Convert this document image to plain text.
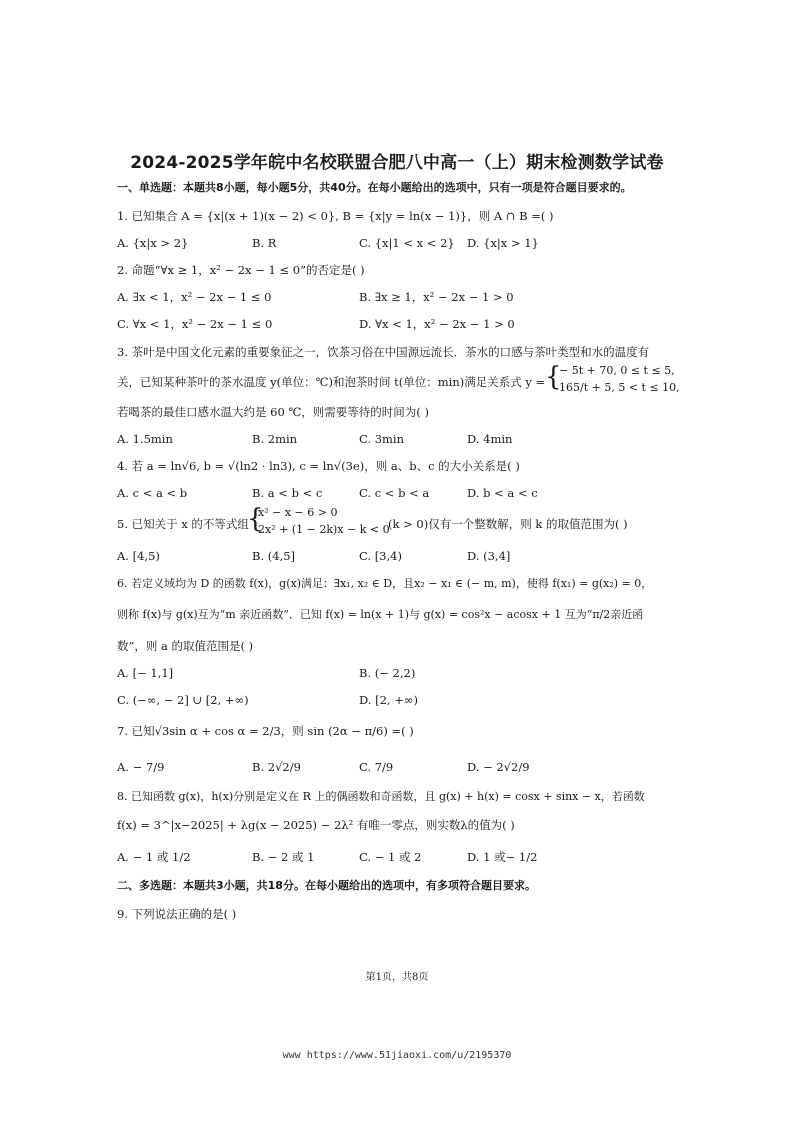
2024-2025学年皖中名校联盟合肥八中高一（上）期末检测数学试卷
一、单选题：本题共8小题，每小题5分，共40分。在每小题给出的选项中，只有一项是符合题目要求的。
1. 已知集合 A = {x|(x + 1)(x − 2) < 0}, B = {x|y = ln(x − 1)}，则 A ∩ B =( )
A. {x|x > 2}	B. R	C. {x|1 < x < 2} D. {x|x > 1}
2. 命题“∀x ≥ 1，x² − 2x − 1 ≤ 0”的否定是( )
A. ∃x < 1，x² − 2x − 1 ≤ 0	B. ∃x ≥ 1，x² − 2x − 1 > 0
C. ∀x < 1，x² − 2x − 1 ≤ 0	D. ∀x < 1，x² − 2x − 1 > 0
3. 茶叶是中国文化元素的重要象征之一，饮茶习俗在中国源远流长．茶水的口感与茶叶类型和水的温度有
关，已知某种茶叶的茶水温度 y(单位：℃)和泡茶时间 t(单位：min)满足关系式 y = {
− 5t + 70, 0 ≤ t ≤ 5,
165/t + 5, 5 < t ≤ 10,
若喝茶的最佳口感水温大约是 60 ℃，则需要等待的时间为( )
A. 1.5min	B. 2min	C. 3min	D. 4min
4. 若 a = ln√6, b = √(ln2 · ln3), c = ln√(3e)，则 a、b、c 的大小关系是( )
A. c < a < b	B. a < b < c	C. c < b < a	D. b < a < c
5. 已知关于 x 的不等式组
{
x² − x − 6 > 0
2x² + (1 − 2k)x − k < 0
(k > 0)仅有一个整数解，则 k 的取值范围为( )
A. [4,5)	B. (4,5]	C. [3,4)	D. (3,4]
6. 若定义域均为 D 的函数 f(x)，g(x)满足：∃x₁, x₂ ∈ D，且x₂ − x₁ ∈ (− m, m)，使得 f(x₁) = g(x₂) = 0，
则称 f(x)与 g(x)互为“m 亲近函数”．已知 f(x) = ln(x + 1)与 g(x) = cos²x − acosx + 1 互为“π/2亲近函
数”，则 a 的取值范围是( )
A. [− 1,1]	B. (− 2,2)
C. (−∞, − 2] ∪ [2, +∞)	D. [2, +∞)
7. 已知√3sin α + cos α = 2/3，则 sin (2α − π/6) =( )
A. − 7/9	B. 2√2/9	C. 7/9	D. − 2√2/9
8. 已知函数 g(x)，h(x)分别是定义在 R 上的偶函数和奇函数，且 g(x) + h(x) = cosx + sinx − x，若函数
f(x) = 3^|x−2025| + λg(x − 2025) − 2λ² 有唯一零点，则实数λ的值为( )
A. − 1 或 1/2	B. − 2 或 1	C. − 1 或 2	D. 1 或− 1/2
二、多选题：本题共3小题，共18分。在每小题给出的选项中，有多项符合题目要求。
9. 下列说法正确的是( )
第1页，共8页
www https://www.51jiaoxi.com/u/2195370
